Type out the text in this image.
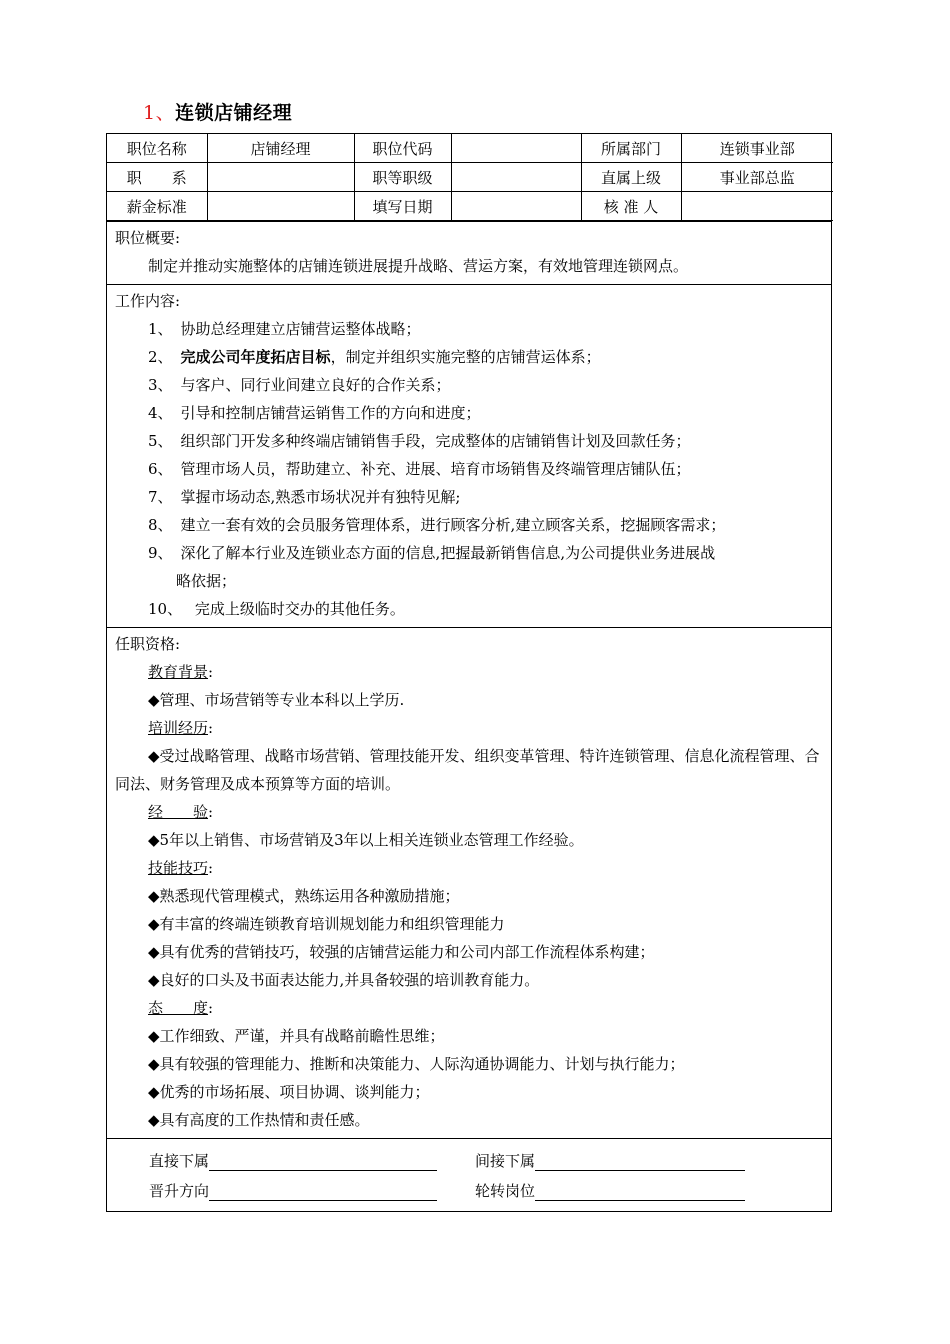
1、连锁店铺经理
职位名称	店铺经理	职位代码		所属部门	连锁事业部
职　　系		职等职级		直属上级	事业部总监
薪金标准		填写日期		核 准 人	
职位概要:
制定并推动实施整体的店铺连锁进展提升战略、营运方案，有效地管理连锁网点。
工作内容:
1、 协助总经理建立店铺营运整体战略；
2、 完成公司年度拓店目标，制定并组织实施完整的店铺营运体系；
3、 与客户、同行业间建立良好的合作关系；
4、 引导和控制店铺营运销售工作的方向和进度；
5、 组织部门开发多种终端店铺销售手段，完成整体的店铺销售计划及回款任务；
6、 管理市场人员，帮助建立、补充、进展、培育市场销售及终端管理店铺队伍；
7、 掌握市场动态,熟悉市场状况并有独特见解;
8、 建立一套有效的会员服务管理体系，进行顾客分析,建立顾客关系，挖掘顾客需求；
9、 深化了解本行业及连锁业态方面的信息,把握最新销售信息,为公司提供业务进展战
略依据；
10、 完成上级临时交办的其他任务。
任职资格:
教育背景:
◆管理、市场营销等专业本科以上学历.
培训经历:
◆受过战略管理、战略市场营销、管理技能开发、组织变革管理、特许连锁管理、信息化流程管理、合同法、财务管理及成本预算等方面的培训。
经　　验:
◆5年以上销售、市场营销及3年以上相关连锁业态管理工作经验。
技能技巧:
◆熟悉现代管理模式，熟练运用各种激励措施；
◆有丰富的终端连锁教育培训规划能力和组织管理能力
◆具有优秀的营销技巧，较强的店铺营运能力和公司内部工作流程体系构建；
◆良好的口头及书面表达能力,并具备较强的培训教育能力。
态　　度:
◆工作细致、严谨，并具有战略前瞻性思维；
◆具有较强的管理能力、推断和决策能力、人际沟通协调能力、计划与执行能力；
◆优秀的市场拓展、项目协调、谈判能力；
◆具有高度的工作热情和责任感。
直接下属	间接下属
晋升方向	轮转岗位
